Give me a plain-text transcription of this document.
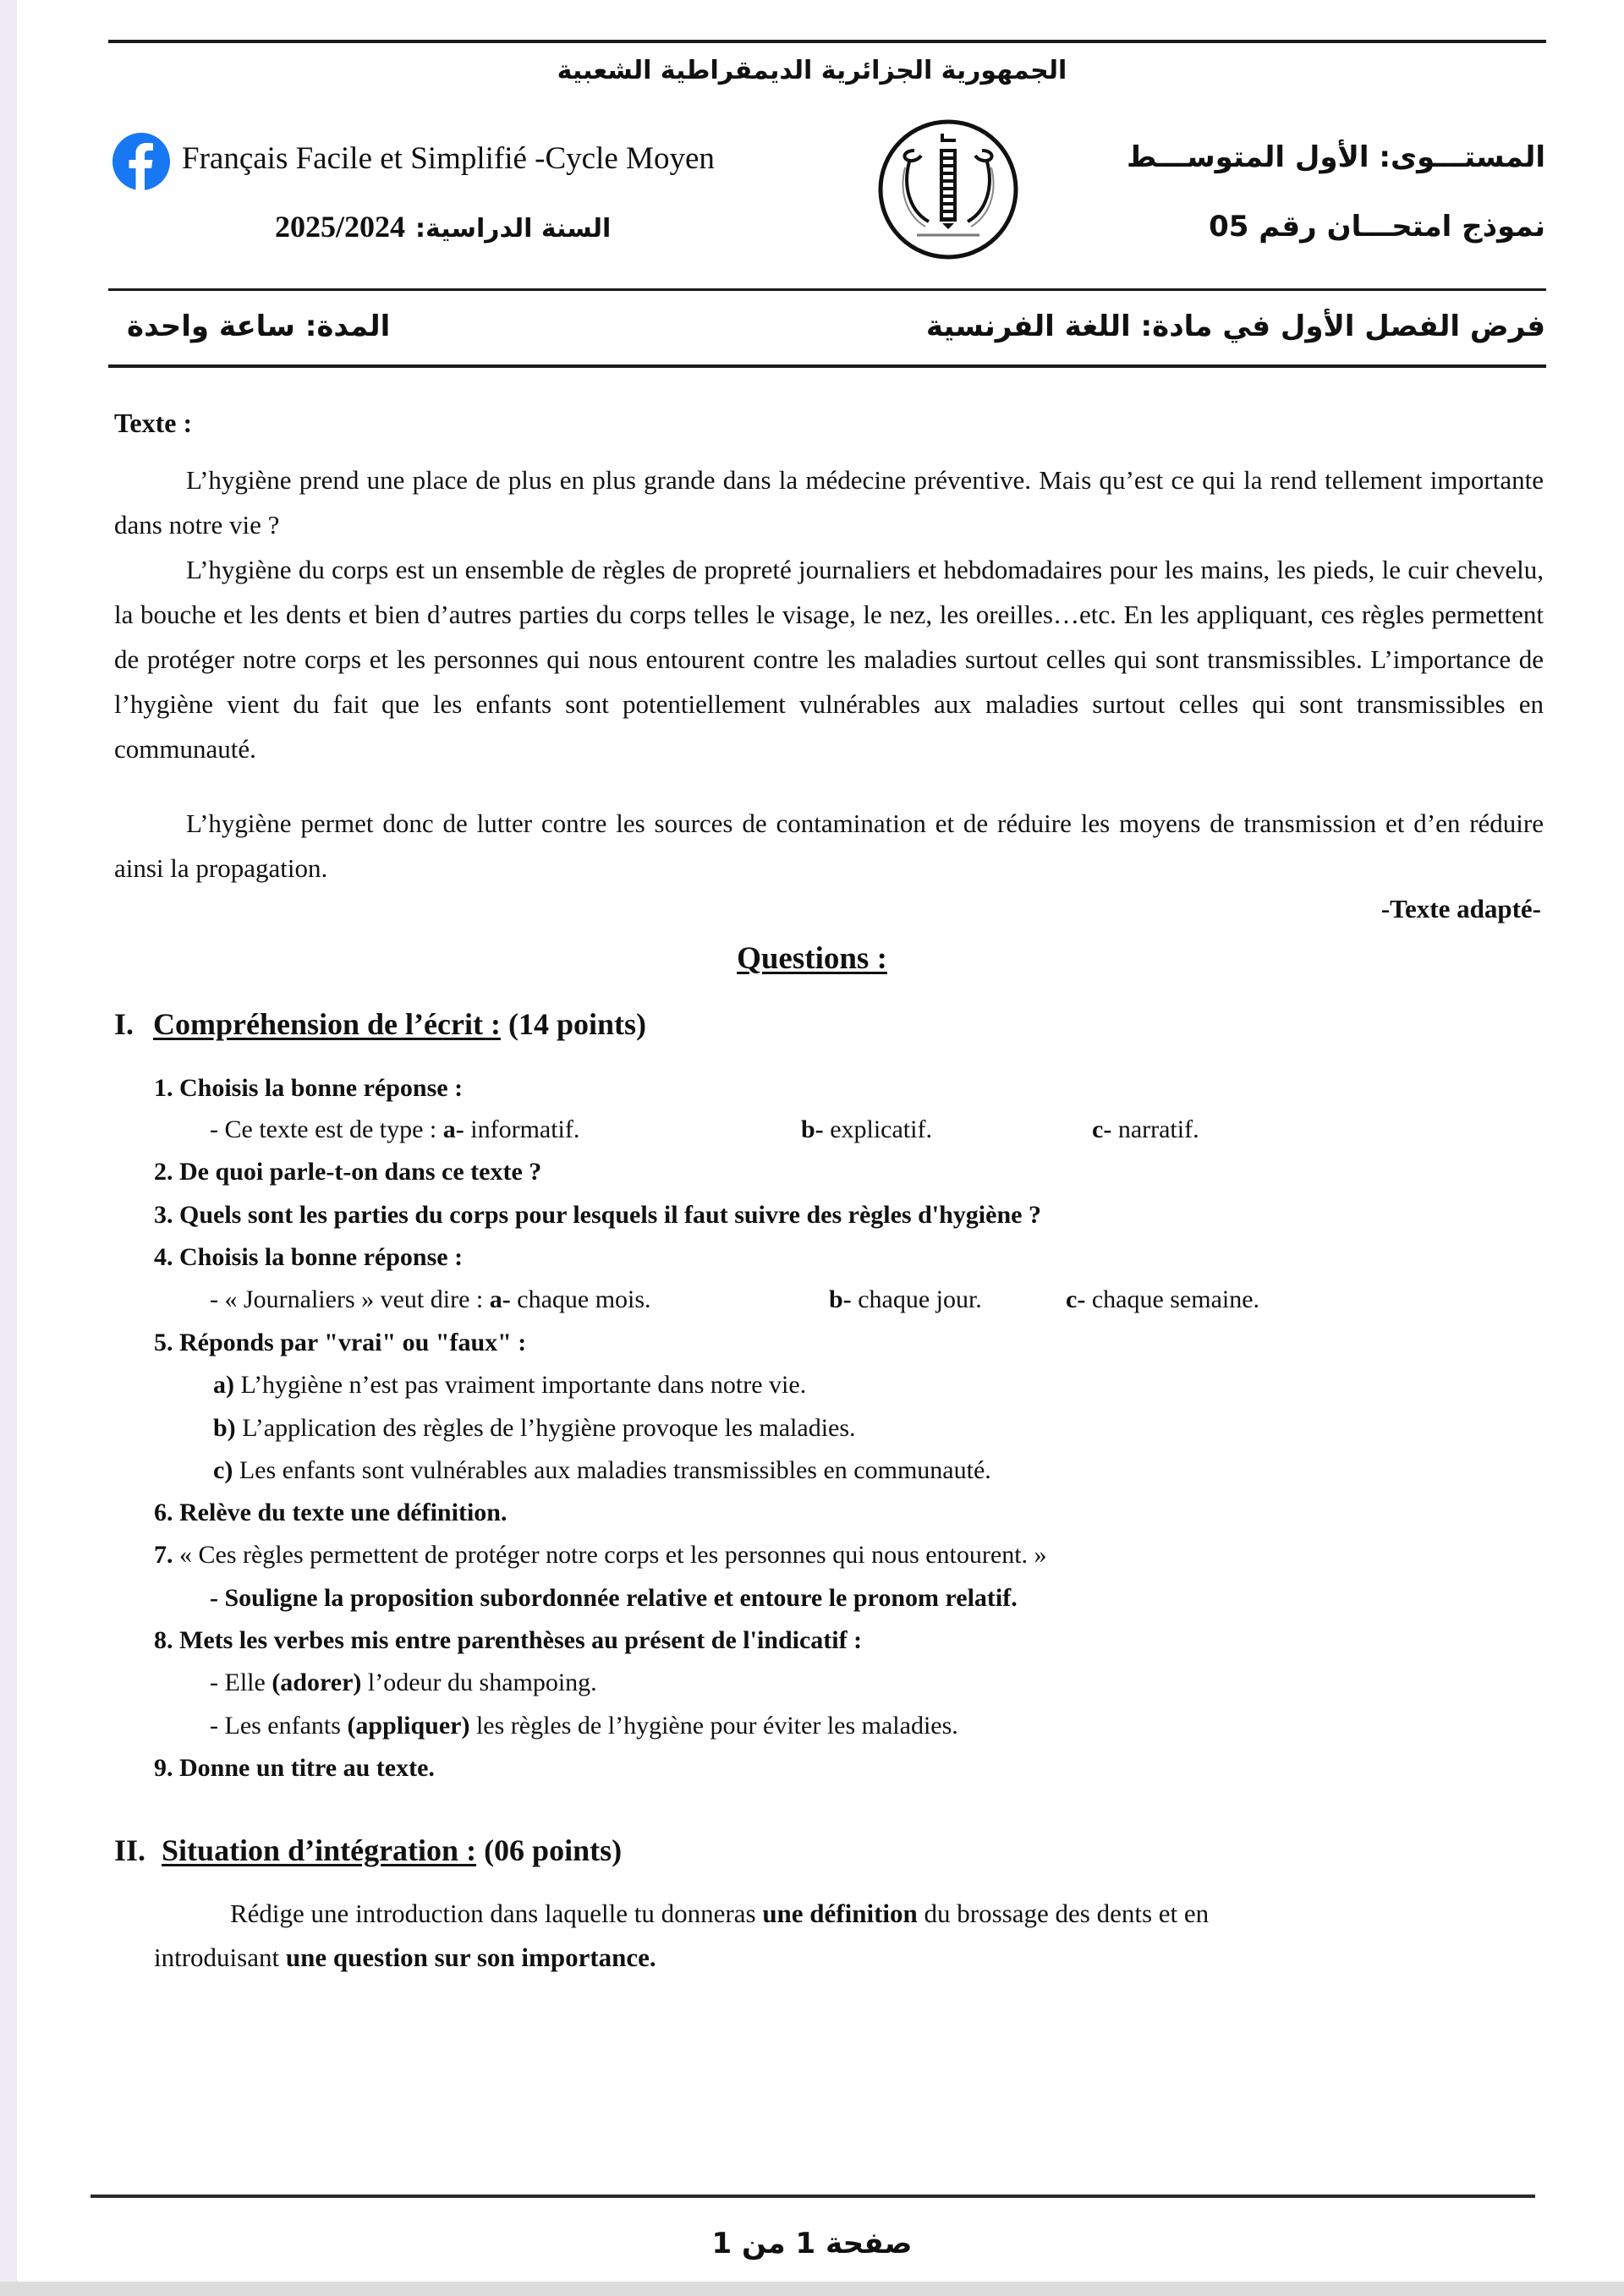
الجمهورية الجزائرية الديمقراطية الشعبية
Français Facile et Simplifié -Cycle Moyen	المستـــوى: الأول المتوســـط
نموذج امتحـــان رقم 05
2025/2024 السنة الدراسية:
فرض الفصل الأول في مادة: اللغة الفرنسية
المدة: ساعة واحدة
Texte :
L’hygiène prend une place de plus en plus grande dans la médecine préventive. Mais qu’est ce qui la rend tellement importante dans notre vie ?
L’hygiène du corps est un ensemble de règles de propreté journaliers et hebdomadaires pour les mains, les pieds, le cuir chevelu, la bouche et les dents et bien d’autres parties du corps telles le visage, le nez, les oreilles…etc. En les appliquant, ces règles permettent de protéger notre corps et les personnes qui nous entourent contre les maladies surtout celles qui sont transmissibles. L’importance de l’hygiène vient du fait que les enfants sont potentiellement vulnérables aux maladies surtout celles qui sont transmissibles en communauté.
L’hygiène permet donc de lutter contre les sources de contamination et de réduire les moyens de transmission et d’en réduire ainsi la propagation.
-Texte adapté-
Questions :
I. Compréhension de l’écrit : (14 points)
1. Choisis la bonne réponse :
- Ce texte est de type : a- informatif.	b- explicatif.	c- narratif.
2. De quoi parle-t-on dans ce texte ?
3. Quels sont les parties du corps pour lesquels il faut suivre des règles d'hygiène ?
4. Choisis la bonne réponse :
- « Journaliers » veut dire : a- chaque mois.	b- chaque jour.	c- chaque semaine.
5. Réponds par "vrai" ou "faux" :
a) L’hygiène n’est pas vraiment importante dans notre vie.
b) L’application des règles de l’hygiène provoque les maladies.
c) Les enfants sont vulnérables aux maladies transmissibles en communauté.
6. Relève du texte une définition.
7. « Ces règles permettent de protéger notre corps et les personnes qui nous entourent. »
- Souligne la proposition subordonnée relative et entoure le pronom relatif.
8. Mets les verbes mis entre parenthèses au présent de l'indicatif :
- Elle (adorer) l’odeur du shampoing.
- Les enfants (appliquer) les règles de l’hygiène pour éviter les maladies.
9. Donne un titre au texte.
II. Situation d’intégration : (06 points)
Rédige une introduction dans laquelle tu donneras une définition du brossage des dents et en
introduisant une question sur son importance.
صفحة 1 من 1
